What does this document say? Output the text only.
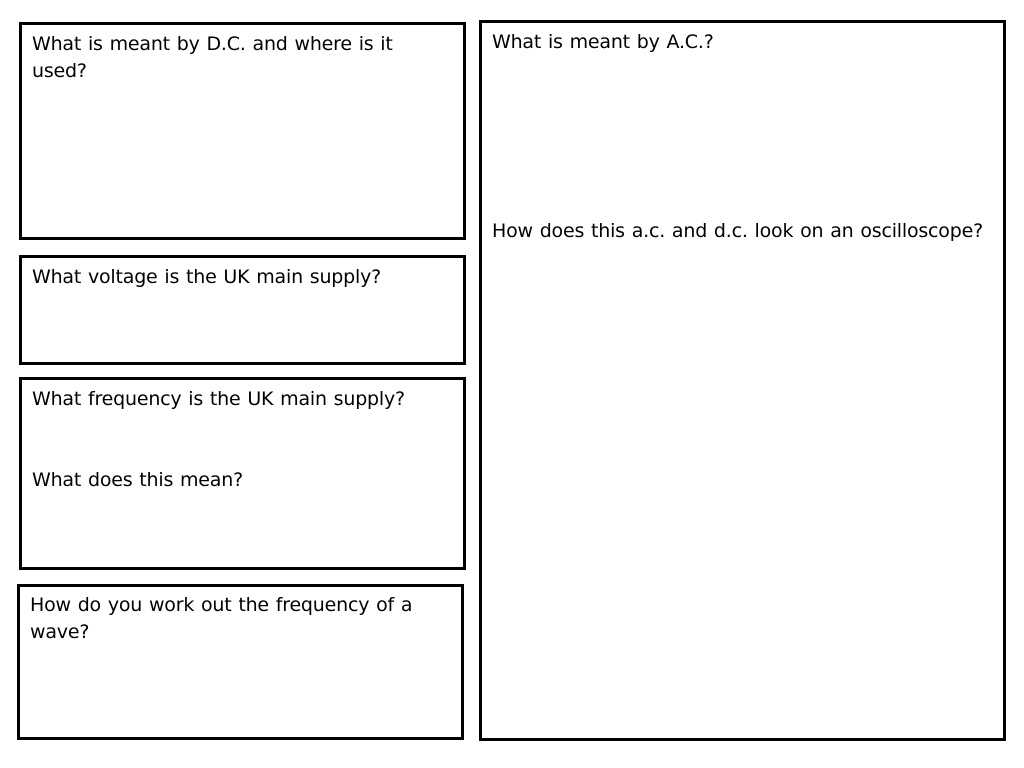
What is meant by D.C. and where is it used?

What voltage is the UK main supply?

What frequency is the UK main supply?

What does this mean?

How do you work out the frequency of a wave?

What is meant by A.C.?

How does this a.c. and d.c. look on an oscilloscope?
